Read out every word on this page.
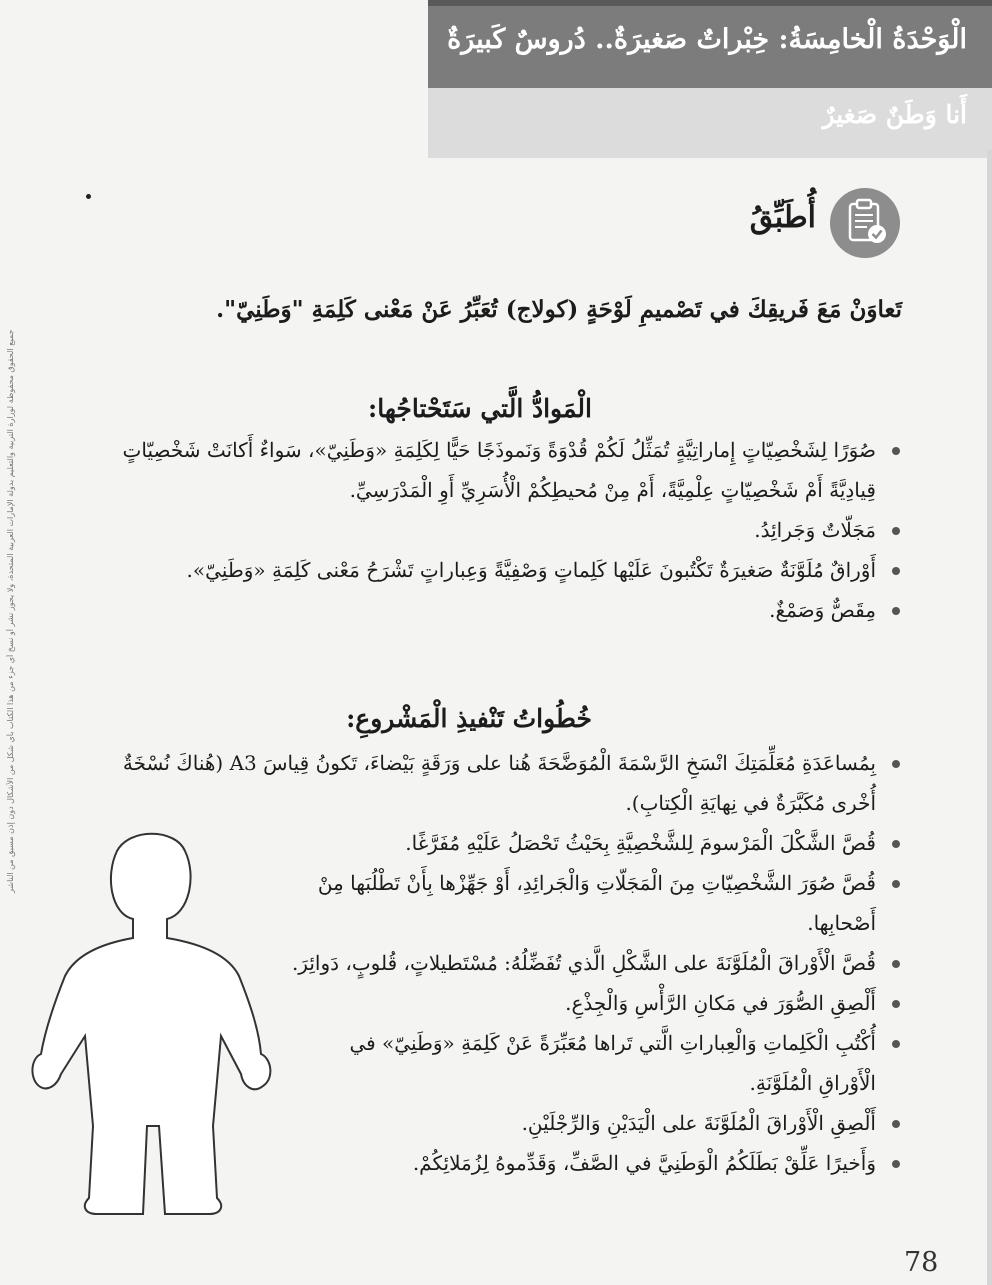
الْوَحْدَةُ الْخامِسَةُ: خِبْراتٌ صَغيرَةٌ.. دُروسٌ كَبيرَةٌ
أَنا وَطَنٌ صَغيرٌ
جميع الحقوق محفوظة لوزارة التربية والتعليم بدولة الإمارات العربية المتحدة، ولا يجوز نشر أو نسخ أي جزء من هذا الكتاب بأي شكل من الأشكال دون إذن مسبق من الناشر
أُطَبِّقُ
تَعاوَنْ مَعَ فَريقِكَ في تَصْميمِ لَوْحَةٍ (كولاج) تُعَبِّرُ عَنْ مَعْنى كَلِمَةِ "وَطَنِيّ".
الْمَوادُّ الَّتي سَتَحْتاجُها:
صُوَرًا لِشَخْصِيّاتٍ إِماراتِيَّةٍ تُمَثِّلُ لَكُمْ قُدْوَةً وَنَموذَجًا حَيًّا لِكَلِمَةِ «وَطَنِيّ»، سَواءٌ أَكانَتْ شَخْصِيّاتٍ قِيادِيَّةً أَمْ شَخْصِيّاتٍ عِلْمِيَّةً، أَمْ مِنْ مُحيطِكُمْ الْأُسَرِيِّ أَوِ الْمَدْرَسِيِّ.
مَجَلّاتٌ وَجَرائِدُ.
أَوْراقٌ مُلَوَّنَةٌ صَغيرَةٌ تَكْتُبونَ عَلَيْها كَلِماتٍ وَصْفِيَّةً وَعِباراتٍ تَشْرَحُ مَعْنى كَلِمَةِ «وَطَنِيّ».
مِقَصٌّ وَصَمْغٌ.
خُطُواتُ تَنْفيذِ الْمَشْروعِ:
بِمُساعَدَةِ مُعَلِّمَتِكَ انْسَخِ الرَّسْمَةَ الْمُوَضَّحَةَ هُنا على وَرَقَةٍ بَيْضاءَ، تَكونُ قِياسَ A3 (هُناكَ نُسْخَةٌ أُخْرى مُكَبَّرَةٌ في نِهايَةِ الْكِتابِ).
قُصَّ الشَّكْلَ الْمَرْسومَ لِلشَّخْصِيَّةِ بِحَيْثُ تَحْصَلُ عَلَيْهِ مُفَرَّغًا.
قُصَّ صُوَرَ الشَّخْصِيّاتِ مِنَ الْمَجَلّاتِ وَالْجَرائِدِ، أَوْ جَهِّزْها بِأَنْ تَطْلُبَها مِنْ أَصْحابِها.
قُصَّ الْأَوْراقَ الْمُلَوَّنَةَ على الشَّكْلِ الَّذي تُفَضِّلُهُ: مُسْتَطيلاتٍ، قُلوبٍ، دَوائِرَ.
أَلْصِقِ الصُّوَرَ في مَكانِ الرَّأْسِ وَالْجِذْعِ.
أُكْتُبِ الْكَلِماتِ وَالْعِباراتِ الَّتي تَراها مُعَبِّرَةً عَنْ كَلِمَةِ «وَطَنِيّ» في الْأَوْراقِ الْمُلَوَّنَةِ.
أَلْصِقِ الْأَوْراقَ الْمُلَوَّنَةَ على الْيَدَيْنِ وَالرِّجْلَيْنِ.
وَأَخيرًا عَلِّقْ بَطَلَكُمُ الْوَطَنِيَّ في الصَّفِّ، وَقَدِّموهُ لِزُمَلائِكُمْ.
78
